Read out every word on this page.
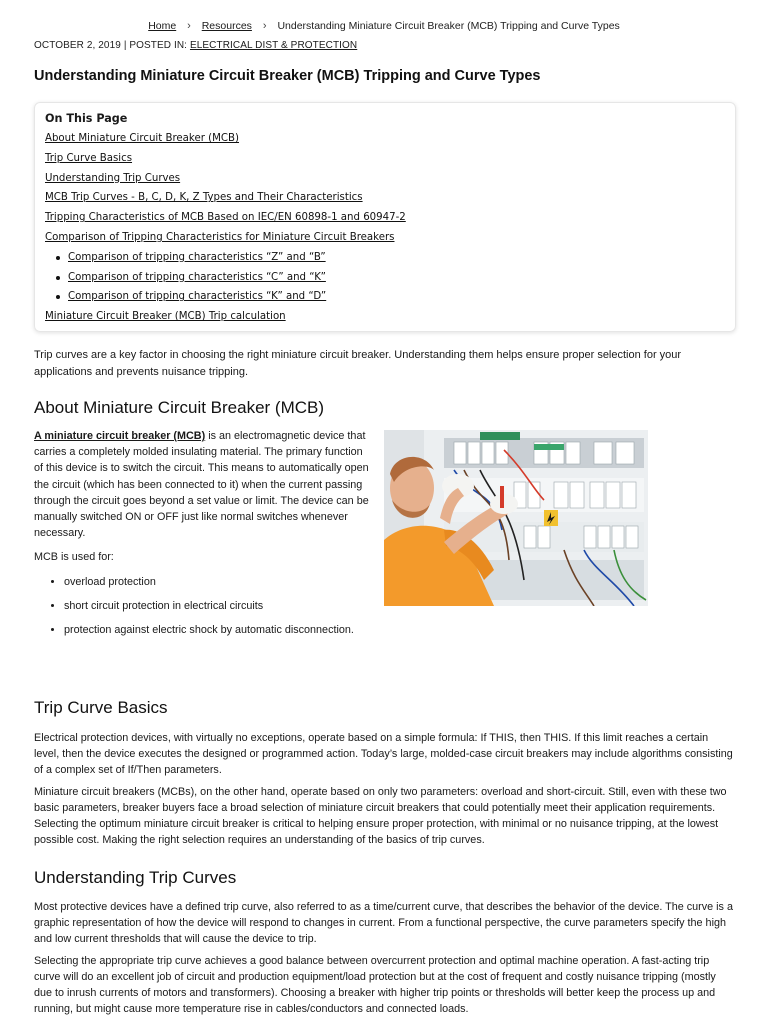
Home › Resources › Understanding Miniature Circuit Breaker (MCB) Tripping and Curve Types
OCTOBER 2, 2019 | POSTED IN: ELECTRICAL DIST & PROTECTION
Understanding Miniature Circuit Breaker (MCB) Tripping and Curve Types
On This Page
About Miniature Circuit Breaker (MCB)
Trip Curve Basics
Understanding Trip Curves
MCB Trip Curves - B, C, D, K, Z Types and Their Characteristics
Tripping Characteristics of MCB Based on IEC/EN 60898-1 and 60947-2
Comparison of Tripping Characteristics for Miniature Circuit Breakers
Comparison of tripping characteristics “Z” and “B”
Comparison of tripping characteristics “C” and “K”
Comparison of tripping characteristics “K” and “D”
Miniature Circuit Breaker (MCB) Trip calculation

Trip curves are a key factor in choosing the right miniature circuit breaker. Understanding them helps ensure proper selection for your applications and prevents nuisance tripping.

About Miniature Circuit Breaker (MCB)

A miniature circuit breaker (MCB) is an electromagnetic device that carries a completely molded insulating material. The primary function of this device is to switch the circuit. This means to automatically open the circuit (which has been connected to it) when the current passing through the circuit goes beyond a set value or limit. The device can be manually switched ON or OFF just like normal switches whenever necessary.

MCB is used for:

• overload protection
• short circuit protection in electrical circuits
• protection against electric shock by automatic disconnection.
Trip Curve Basics

Electrical protection devices, with virtually no exceptions, operate based on a simple formula: If THIS, then THIS. If this limit reaches a certain level, then the device executes the designed or programmed action. Today’s large, molded-case circuit breakers may include algorithms consisting of a complex set of If/Then parameters.

Miniature circuit breakers (MCBs), on the other hand, operate based on only two parameters: overload and short-circuit. Still, even with these two basic parameters, breaker buyers face a broad selection of miniature circuit breakers that could potentially meet their application requirements. Selecting the optimum miniature circuit breaker is critical to helping ensure proper protection, with minimal or no nuisance tripping, at the lowest possible cost. Making the right selection requires an understanding of the basics of trip curves.

Understanding Trip Curves

Most protective devices have a defined trip curve, also referred to as a time/current curve, that describes the behavior of the device. The curve is a graphic representation of how the device will respond to changes in current. From a functional perspective, the curve parameters specify the high and low current thresholds that will cause the device to trip.

Selecting the appropriate trip curve achieves a good balance between overcurrent protection and optimal machine operation. A fast-acting trip curve will do an excellent job of circuit and production equipment/load protection but at the cost of frequent and costly nuisance tripping (mostly due to inrush currents of motors and transformers). Choosing a breaker with higher trip points or thresholds will better keep the process up and running, but might cause more temperature rise in cables/conductors and connected loads.
